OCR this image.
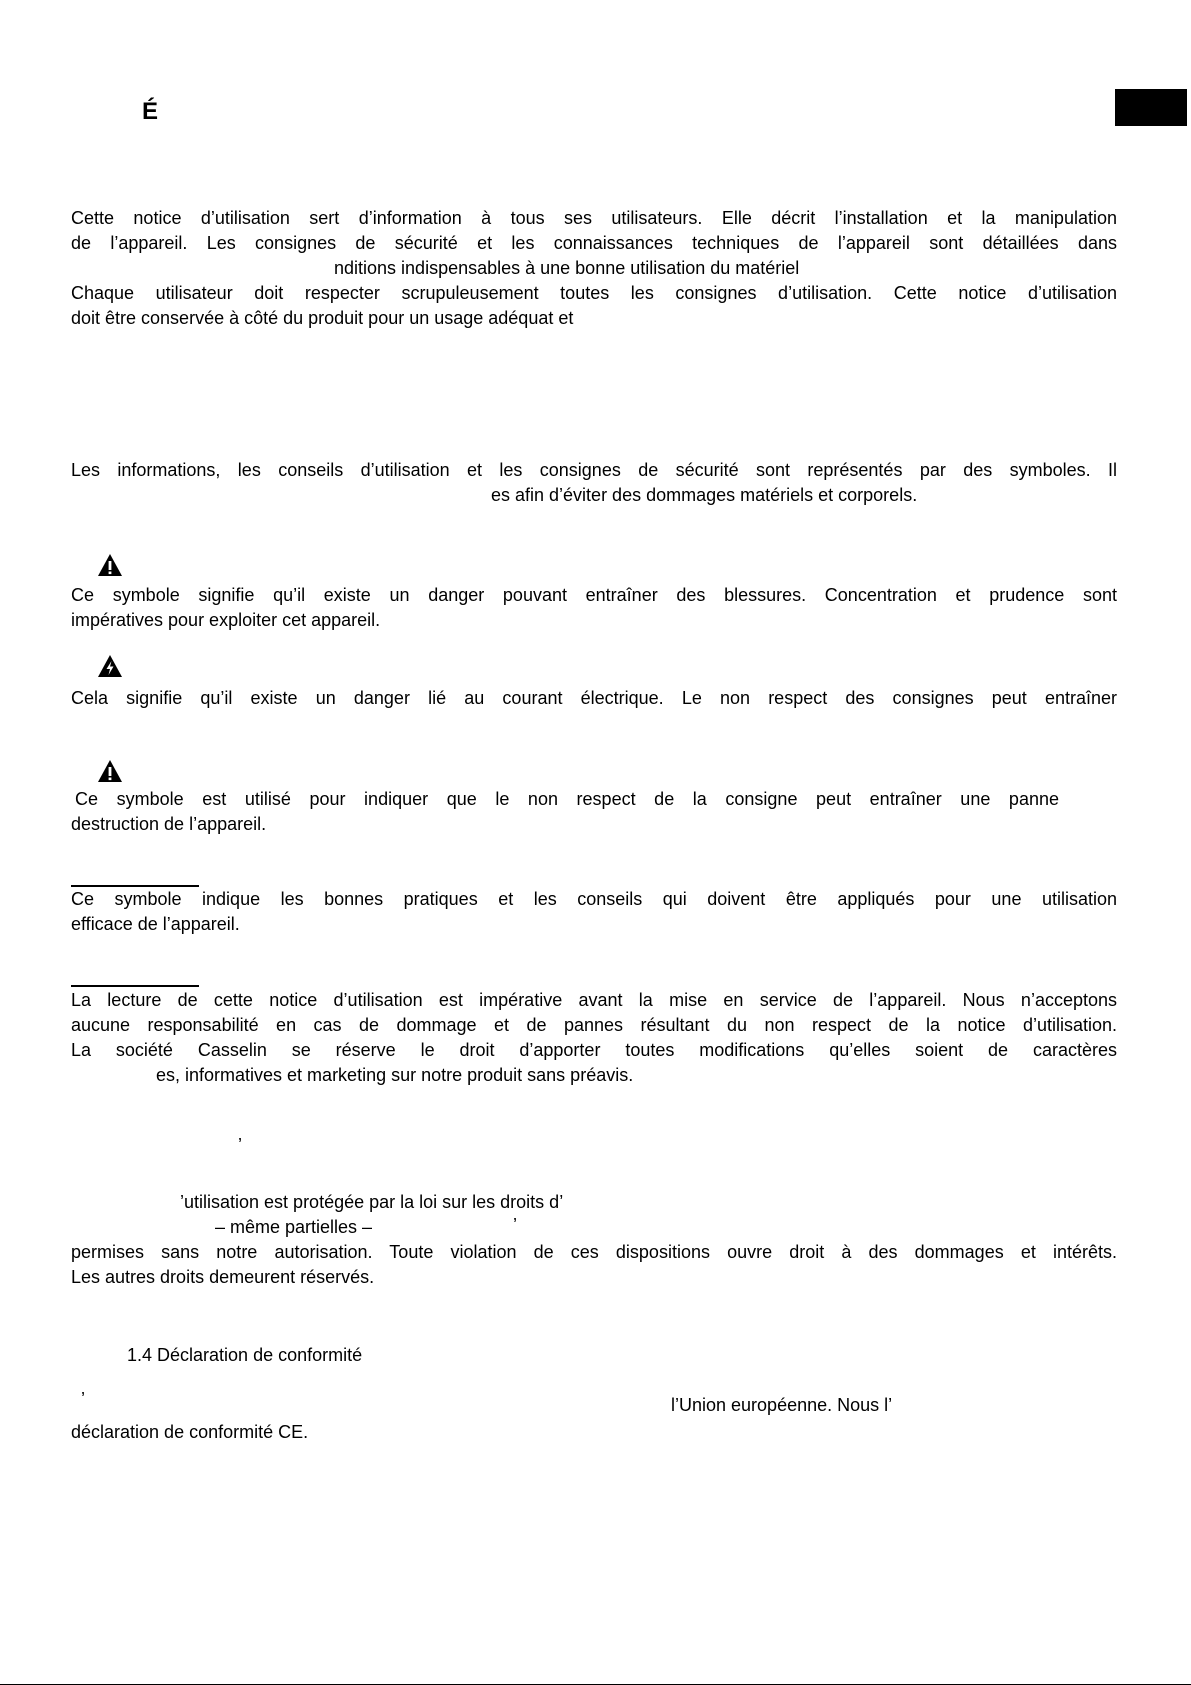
É
Cette notice d’utilisation sert d’information à tous ses utilisateurs. Elle décrit l’installation et la manipulation
de l’appareil. Les consignes de sécurité et les connaissances techniques de l’appareil sont détaillées dans
nditions indispensables à une bonne utilisation du matériel
Chaque utilisateur doit respecter scrupuleusement toutes les consignes d’utilisation. Cette notice d’utilisation
doit être conservée à côté du produit pour un usage adéquat et
Les informations, les conseils d’utilisation et les consignes de sécurité sont représentés par des symboles. Il
es afin d’éviter des dommages matériels et corporels.
Ce symbole signifie qu’il existe un danger pouvant entraîner des blessures. Concentration et prudence sont
impératives pour exploiter cet appareil.
Cela signifie qu’il existe un danger lié au courant électrique. Le non respect des consignes peut entraîner
Ce symbole est utilisé pour indiquer que le non respect de la consigne peut entraîner une panne
destruction de l’appareil.
Ce symbole indique les bonnes pratiques et les conseils qui doivent être appliqués pour une utilisation
efficace de l’appareil.
La lecture de cette notice d’utilisation est impérative avant la mise en service de l’appareil. Nous n’acceptons
aucune responsabilité en cas de dommage et de pannes résultant du non respect de la notice d’utilisation.
La société Casselin se réserve le droit d’apporter toutes modifications qu’elles soient de caractères
es, informatives et marketing sur notre produit sans préavis.
’
’utilisation est protégée par la loi sur les droits d’
– même partielles –	’
permises sans notre autorisation. Toute violation de ces dispositions ouvre droit à des dommages et intérêts.
Les autres droits demeurent réservés.
1.4 Déclaration de conformité
’	l’Union européenne. Nous l’
déclaration de conformité CE.
